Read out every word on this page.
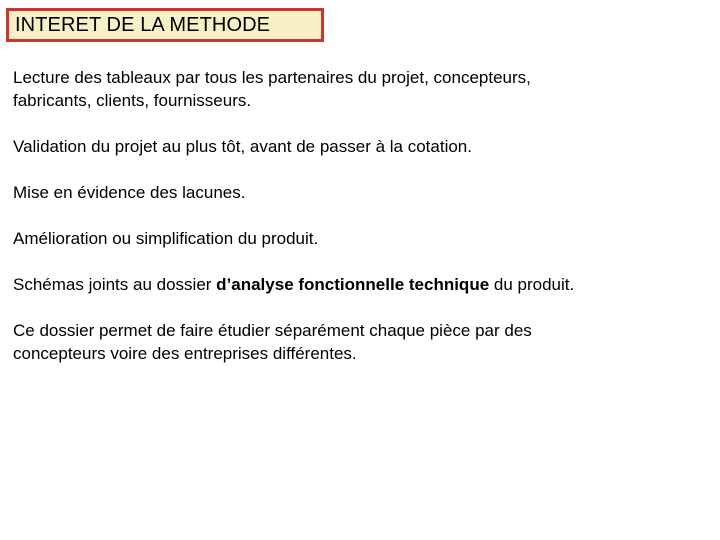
INTERET DE LA METHODE

Lecture des tableaux par tous les partenaires du projet, concepteurs,
fabricants, clients, fournisseurs.

Validation du projet au plus tôt, avant de passer à la cotation.

Mise en évidence des lacunes.

Amélioration ou simplification du produit.

Schémas joints au dossier d’analyse fonctionnelle technique du produit.

Ce dossier permet de faire étudier séparément chaque pièce par des
concepteurs voire des entreprises différentes.
